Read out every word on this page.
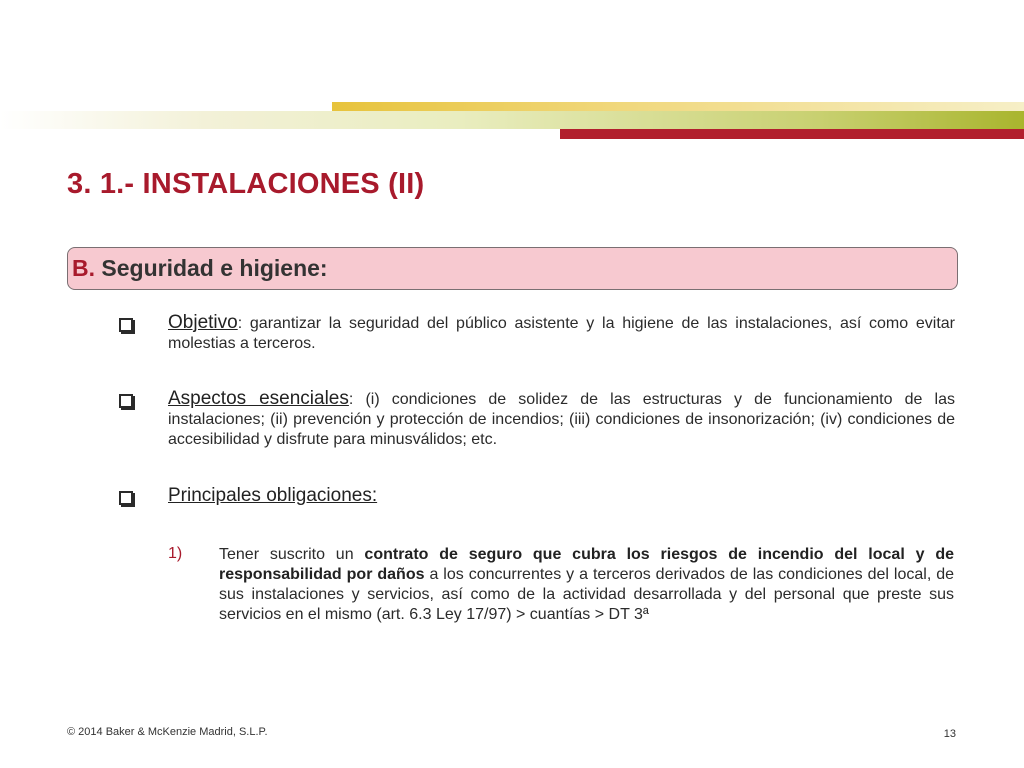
3. 1.- INSTALACIONES (II)
B. Seguridad e higiene:

Objetivo: garantizar la seguridad del público asistente y la higiene de las instalaciones, así como evitar molestias a terceros.

Aspectos esenciales: (i) condiciones de solidez de las estructuras y de funcionamiento de las instalaciones; (ii) prevención y protección de incendios; (iii) condiciones de insonorización; (iv) condiciones de accesibilidad y disfrute para minusválidos; etc.

Principales obligaciones:

1) Tener suscrito un contrato de seguro que cubra los riesgos de incendio del local y de responsabilidad por daños a los concurrentes y a terceros derivados de las condiciones del local, de sus instalaciones y servicios, así como de la actividad desarrollada y del personal que preste sus servicios en el mismo (art. 6.3 Ley 17/97) > cuantías > DT 3ª

© 2014 Baker & McKenzie Madrid, S.L.P.	13
